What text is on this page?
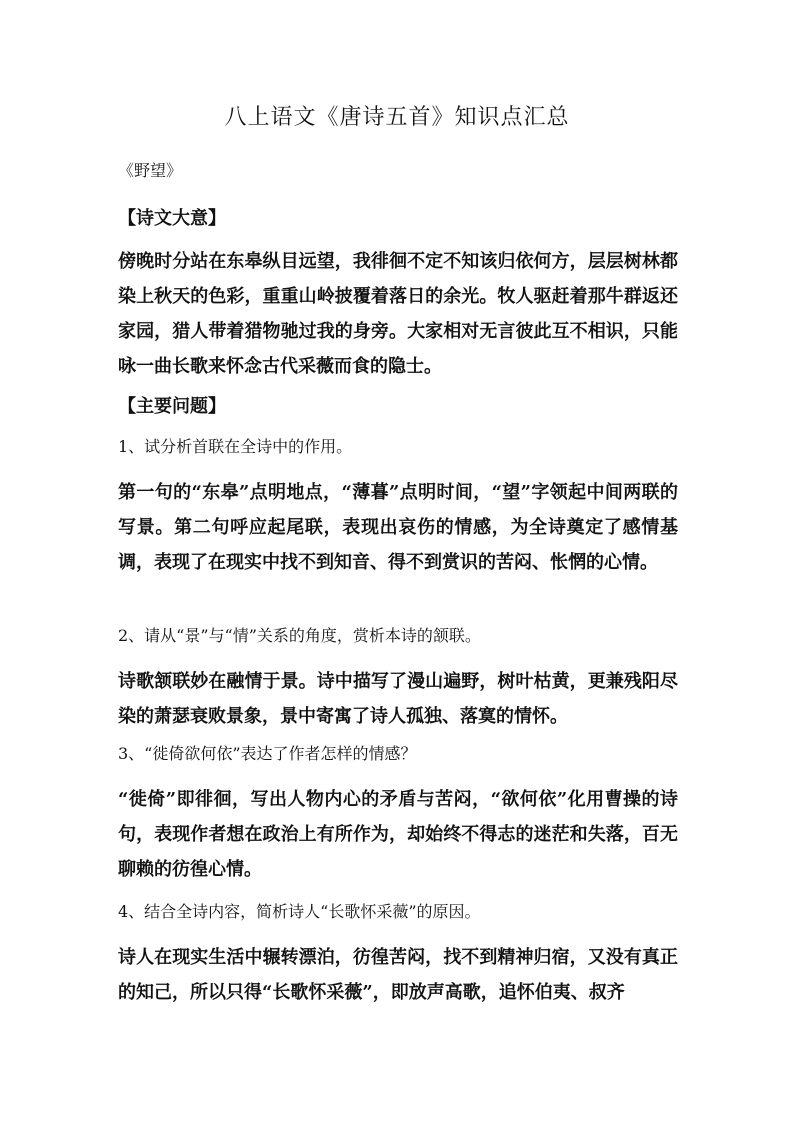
八上语文《唐诗五首》知识点汇总

《野望》

【诗文大意】

傍晚时分站在东皋纵目远望，我徘徊不定不知该归依何方，层层树林都染上秋天的色彩，重重山岭披覆着落日的余光。牧人驱赶着那牛群返还家园，猎人带着猎物驰过我的身旁。大家相对无言彼此互不相识，只能咏一曲长歌来怀念古代采薇而食的隐士。

【主要问题】

1、试分析首联在全诗中的作用。

第一句的“东皋”点明地点，“薄暮”点明时间，“望”字领起中间两联的写景。第二句呼应起尾联，表现出哀伤的情感，为全诗奠定了感情基调，表现了在现实中找不到知音、得不到赏识的苦闷、怅惘的心情。

2、请从“景”与“情”关系的角度，赏析本诗的颔联。

诗歌颔联妙在融情于景。诗中描写了漫山遍野，树叶枯黄，更兼残阳尽染的萧瑟衰败景象，景中寄寓了诗人孤独、落寞的情怀。

3、“徙倚欲何依”表达了作者怎样的情感？

“徙倚”即徘徊，写出人物内心的矛盾与苦闷，“欲何依”化用曹操的诗句，表现作者想在政治上有所作为，却始终不得志的迷茫和失落，百无聊赖的彷徨心情。

4、结合全诗内容，简析诗人“长歌怀采薇”的原因。

诗人在现实生活中辗转漂泊，彷徨苦闷，找不到精神归宿，又没有真正的知己，所以只得“长歌怀采薇”，即放声高歌，追怀伯夷、叔齐
